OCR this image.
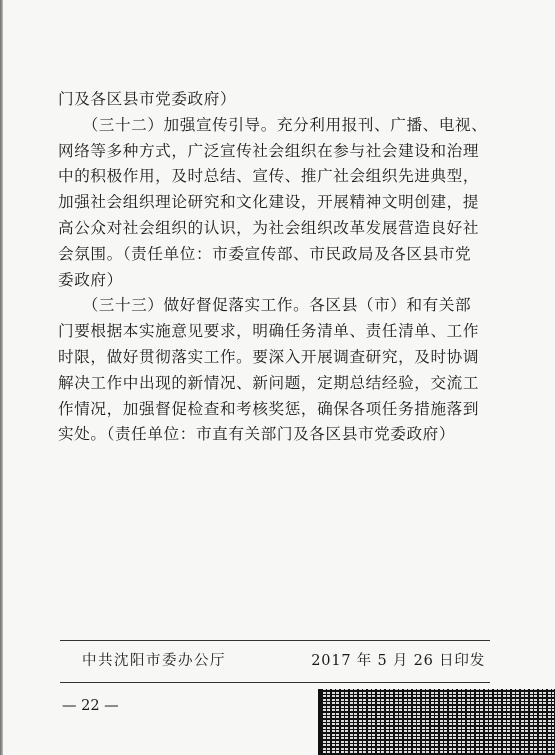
门及各区县市党委政府）
　　（三十二）加强宣传引导。充分利用报刊、广播、电视、
网络等多种方式，广泛宣传社会组织在参与社会建设和治理
中的积极作用，及时总结、宣传、推广社会组织先进典型，
加强社会组织理论研究和文化建设，开展精神文明创建，提
高公众对社会组织的认识，为社会组织改革发展营造良好社
会氛围。（责任单位：市委宣传部、市民政局及各区县市党
委政府）
　　（三十三）做好督促落实工作。各区县（市）和有关部
门要根据本实施意见要求，明确任务清单、责任清单、工作
时限，做好贯彻落实工作。要深入开展调查研究，及时协调
解决工作中出现的新情况、新问题，定期总结经验，交流工
作情况，加强督促检查和考核奖惩，确保各项任务措施落到
实处。（责任单位：市直有关部门及各区县市党委政府）
中共沈阳市委办公厅	2017 年 5 月 26 日印发
— 22 —
